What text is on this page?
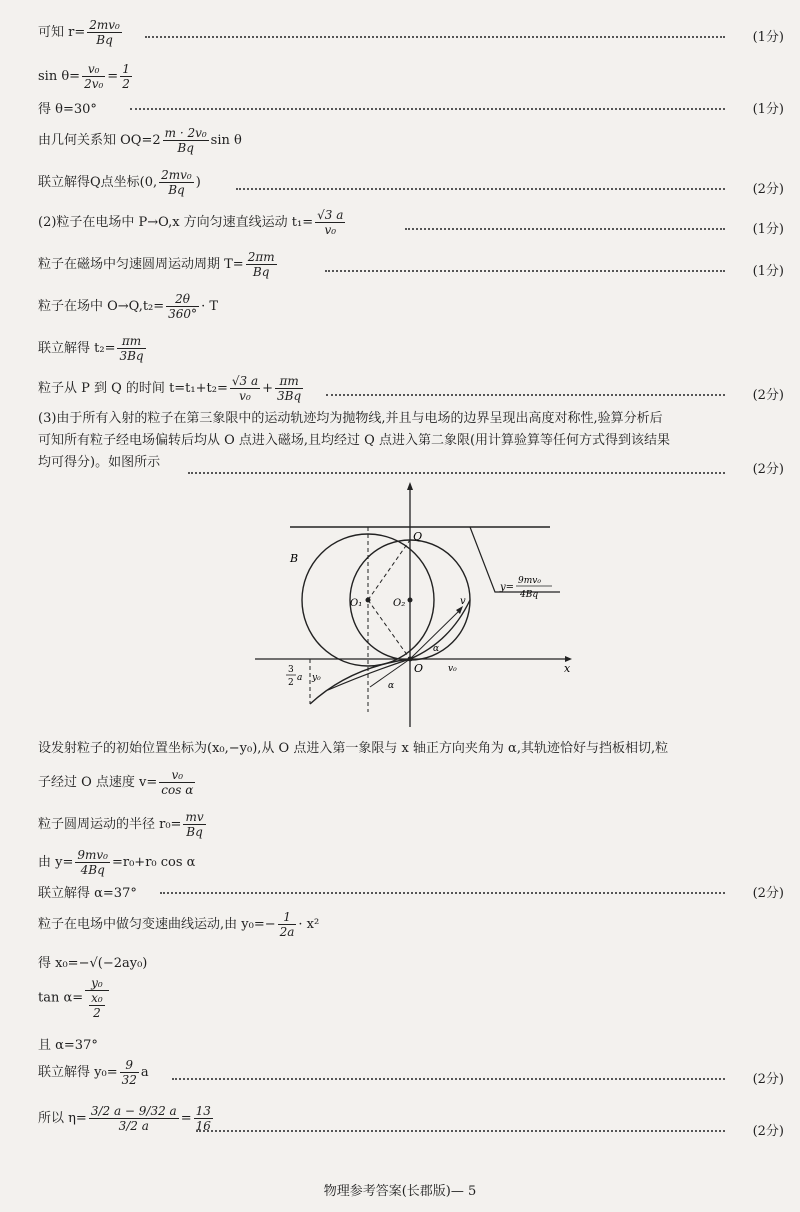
可知 $r= \frac{\text{2mv₀}}{Bq}$	(1分)
$\sin \theta= \frac{\text{v₀}}{\text{2v₀}} = \frac{1}{2}$
得 θ=30°	(1分)
由几何关系知 $OQ=2 \frac{\text{m · 2v₀}}{Bq}$ sin θ
联立解得Q点坐标(0, $\frac{\text{2mv₀}}{Bq}$ )	(2分)
(2)粒子在电场中 P→O,x 方向匀速直线运动 $t_1= \frac{√3 a}{\text{v₀}}$	(1分)
粒子在磁场中匀速圆周运动周期 $T= \frac{2\pi m}{Bq}$	(1分)
粒子在场中 $O\to Q,t_2= \frac{2\theta}{360^\circ} \cdot T$
联立解得 $t_2= \frac{\pi m}{3Bq}$
粒子从 P 到 Q 的时间 $t=t_1+t_2= \frac{√3 a}{\text{v₀}} + \frac{\pi m}{3Bq}$	(2分)
(3)由于所有入射的粒子在第三象限中的运动轨迹均为抛物线,并且与电场的边界呈现出高度对称性,验算分析后
可知所有粒子经电场偏转后均从 O 点进入磁场,且均经过 Q 点进入第二象限(用计算验算等任何方式得到该结果
均可得分)。如图所示	(2分)
B
Q
O₁	O₂
O	x
v
v₀
α
α
y₀
3
2 a
y=
9mv₀
4Bq
设发射粒子的初始位置坐标为(x₀,−y₀),从 O 点进入第一象限与 x 轴正方向夹角为 α,其轨迹恰好与挡板相切,粒
子经过 O 点速度 $v= \frac{\text{v₀}}{\text{cos α}}$
粒子圆周运动的半径 $r_0= \frac{mv}{Bq}$
由 $y= \frac{\text{9mv₀}}{4Bq} =r_0+r_0$ cos α
联立解得 α=37°	(2分)
粒子在电场中做匀变速曲线运动,由 $y_0=- \frac{1}{2a} \cdot x^2$
得 x₀=−√(−2ay₀)
tan α= y₀
x₀
2
且 α=37°
联立解得 $y_0= \frac{9}{32}$ a	(2分)
所以 $\eta= \frac{3/2 a - 9/32 a}{3/2 a} = \frac{13}{16}$	(2分)
物理参考答案(长郡版)— 5
